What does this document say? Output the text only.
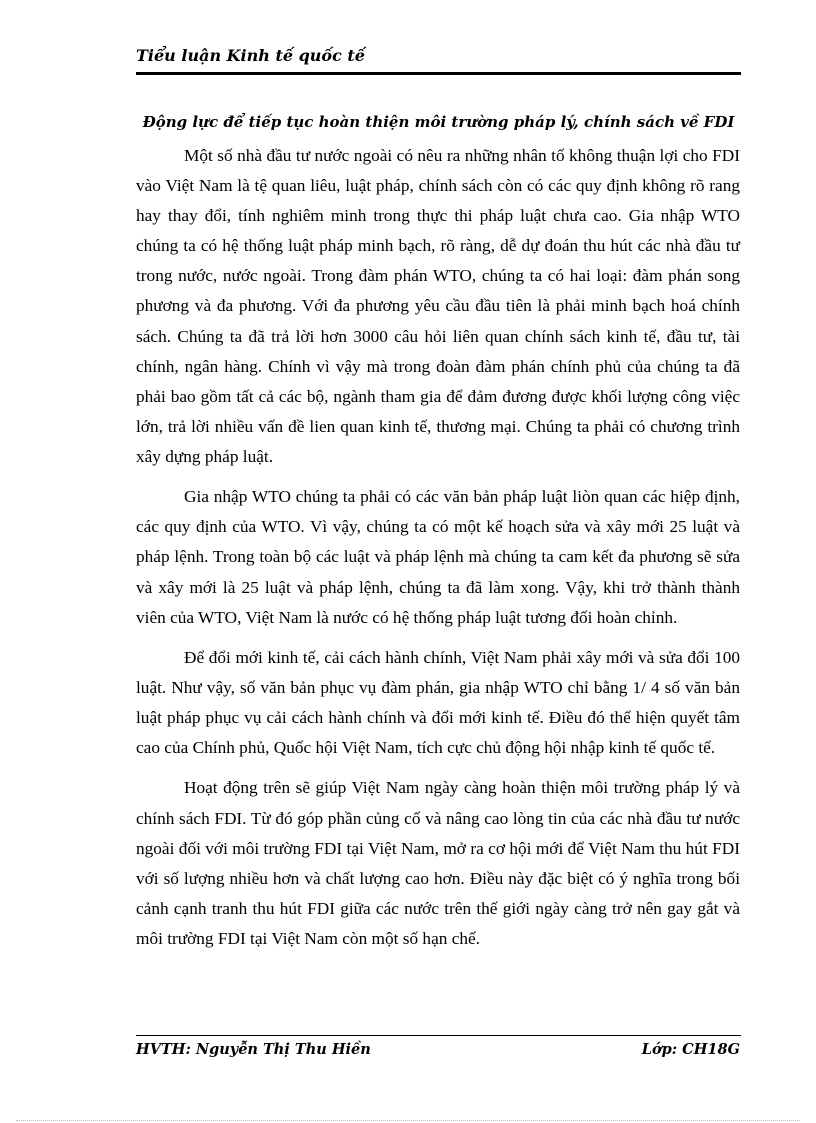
Tiểu luận Kinh tế quốc tế
Động lực để tiếp tục hoàn thiện môi trường pháp lý, chính sách về FDI

Một số nhà đầu tư nước ngoài có nêu ra những nhân tố không thuận lợi cho FDI vào Việt Nam là tệ quan liêu, luật pháp, chính sách còn có các quy định không rõ rang hay thay đổi, tính nghiêm minh trong thực thi pháp luật chưa cao. Gia nhập WTO chúng ta có hệ thống luật pháp minh bạch, rõ ràng, dễ dự đoán thu hút các nhà đầu tư trong nước, nước ngoài. Trong đàm phán WTO, chúng ta có hai loại: đàm phán song phương và đa phương. Với đa phương yêu cầu đầu tiên là phải minh bạch hoá chính sách. Chúng ta đã trả lời hơn 3000 câu hỏi liên quan chính sách kinh tế, đầu tư, tài chính, ngân hàng. Chính vì vậy mà trong đoàn đàm phán chính phủ của chúng ta đã phải bao gồm tất cả các bộ, ngành tham gia để đảm đương được khối lượng công việc lớn, trả lời nhiều vấn đề lien quan kinh tế, thương mại. Chúng ta phải có chương trình xây dựng pháp luật.

Gia nhập WTO chúng ta phải có các văn bản pháp luật liòn quan các hiệp định, các quy định của WTO. Vì vậy, chúng ta có một kế hoạch sửa và xây mới 25 luật và pháp lệnh. Trong toàn bộ các luật và pháp lệnh mà chúng ta cam kết đa phương sẽ sửa và xây mới là 25 luật và pháp lệnh, chúng ta đã làm xong. Vậy, khi trở thành thành viên của WTO, Việt Nam là nước có hệ thống pháp luật tương đối hoàn chỉnh.

Để đổi mới kinh tế, cải cách hành chính, Việt Nam phải xây mới và sửa đổi 100 luật. Như vậy, số văn bản phục vụ đàm phán, gia nhập WTO chỉ bằng 1/ 4 số văn bản luật pháp phục vụ cải cách hành chính và đổi mới kinh tế. Điều đó thể hiện quyết tâm cao của Chính phủ, Quốc hội Việt Nam, tích cực chủ động hội nhập kinh tế quốc tế.

Hoạt động trên sẽ giúp Việt Nam ngày càng hoàn thiện môi trường pháp lý và chính sách FDI. Từ đó góp phần củng cố và nâng cao lòng tin của các nhà đầu tư nước ngoài đối với môi trường FDI tại Việt Nam, mở ra cơ hội mới để Việt Nam thu hút FDI với số lượng nhiều hơn và chất lượng cao hơn. Điều này đặc biệt có ý nghĩa trong bối cảnh cạnh tranh thu hút FDI giữa các nước trên thế giới ngày càng trở nên gay gắt và môi trường FDI tại Việt Nam còn một số hạn chế.

HVTH: Nguyễn Thị Thu Hiền	Lớp: CH18G
